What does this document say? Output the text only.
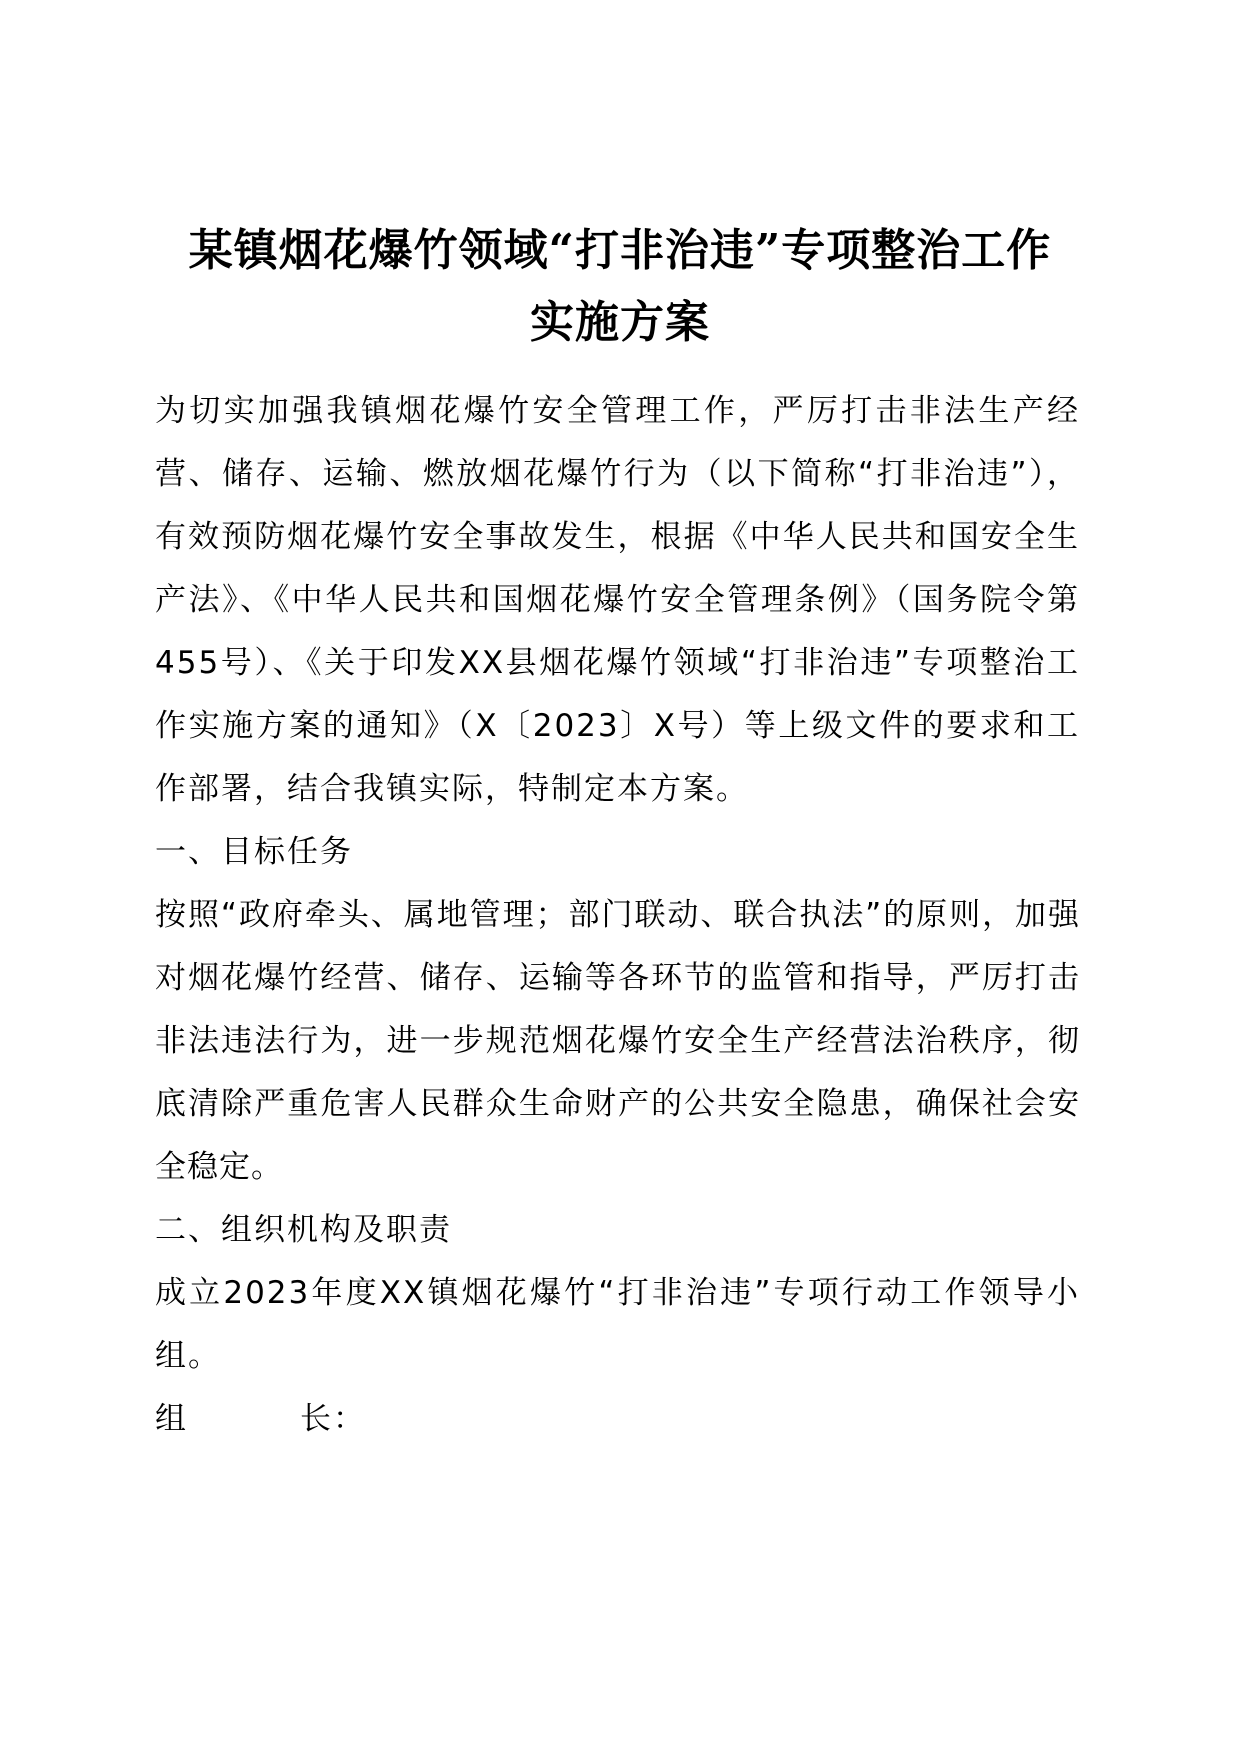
某镇烟花爆竹领域“打非治违”专项整治工作
实施方案

为切实加强我镇烟花爆竹安全管理工作，严厉打击非法生产经营、储存、运输、燃放烟花爆竹行为（以下简称“打非治违”），有效预防烟花爆竹安全事故发生，根据《中华人民共和国安全生产法》、《中华人民共和国烟花爆竹安全管理条例》（国务院令第455号）、《关于印发XX县烟花爆竹领域“打非治违”专项整治工作实施方案的通知》（X〔2023〕X号）等上级文件的要求和工作部署，结合我镇实际，特制定本方案。

一、目标任务

按照“政府牵头、属地管理；部门联动、联合执法”的原则，加强对烟花爆竹经营、储存、运输等各环节的监管和指导，严厉打击非法违法行为，进一步规范烟花爆竹安全生产经营法治秩序，彻底清除严重危害人民群众生命财产的公共安全隐患，确保社会安全稳定。

二、组织机构及职责

成立2023年度XX镇烟花爆竹“打非治违”专项行动工作领导小组。

组	长：
